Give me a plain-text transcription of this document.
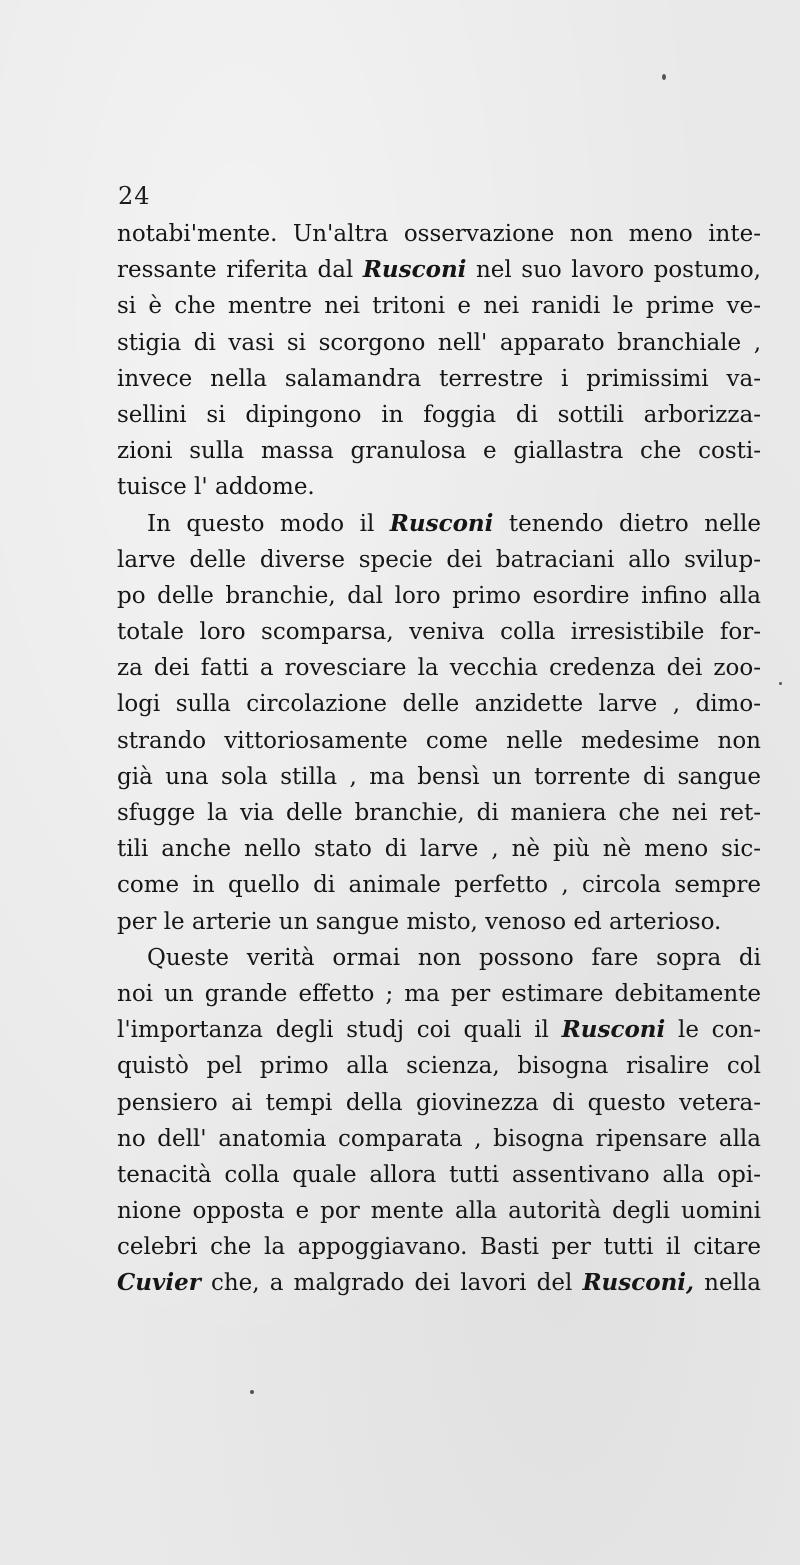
24
notabi'mente. Un'altra osservazione non meno inte-
ressante riferita dal Rusconi nel suo lavoro postumo,
si è che mentre nei tritoni e nei ranidi le prime ve-
stigia di vasi si scorgono nell' apparato branchiale ,
invece nella salamandra terrestre i primissimi va-
sellini si dipingono in foggia di sottili arborizza-
zioni sulla massa granulosa e giallastra che costi-
tuisce l' addome.
In questo modo il Rusconi tenendo dietro nelle
larve delle diverse specie dei batraciani allo svilup-
po delle branchie, dal loro primo esordire infino alla
totale loro scomparsa, veniva colla irresistibile for-
za dei fatti a rovesciare la vecchia credenza dei zoo-
logi sulla circolazione delle anzidette larve , dimo-
strando vittoriosamente come nelle medesime non
già una sola stilla , ma bensì un torrente di sangue
sfugge la via delle branchie, di maniera che nei ret-
tili anche nello stato di larve , nè più nè meno sic-
come in quello di animale perfetto , circola sempre
per le arterie un sangue misto, venoso ed arterioso.
Queste verità ormai non possono fare sopra di
noi un grande effetto ; ma per estimare debitamente
l'importanza degli studj coi quali il Rusconi le con-
quistò pel primo alla scienza, bisogna risalire col
pensiero ai tempi della giovinezza di questo vetera-
no dell' anatomia comparata , bisogna ripensare alla
tenacità colla quale allora tutti assentivano alla opi-
nione opposta e por mente alla autorità degli uomini
celebri che la appoggiavano. Basti per tutti il citare
Cuvier che, a malgrado dei lavori del Rusconi, nella
